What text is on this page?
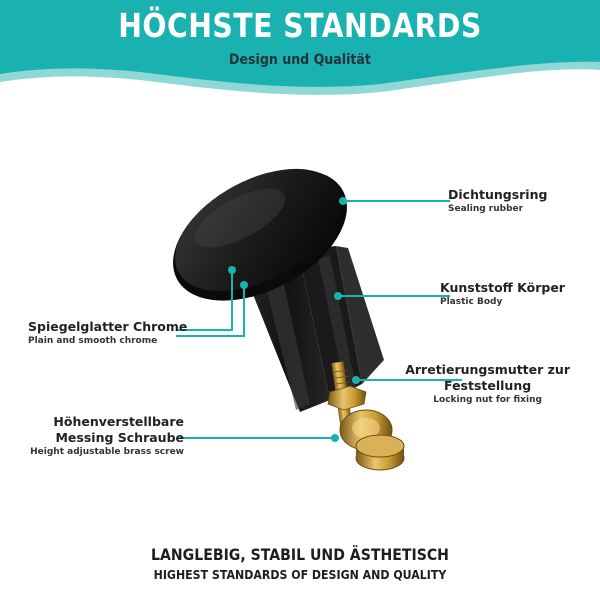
HÖCHSTE STANDARDS
Design und Qualität
Dichtungsring
Sealing rubber
Kunststoff Körper
Plastic Body
Spiegelglatter Chrome
Plain and smooth chrome
Arretierungsmutter zur
Feststellung
Locking nut for fixing
Höhenverstellbare
Messing Schraube
Height adjustable brass screw
LANGLEBIG, STABIL UND ÄSTHETISCH
HIGHEST STANDARDS OF DESIGN AND QUALITY
